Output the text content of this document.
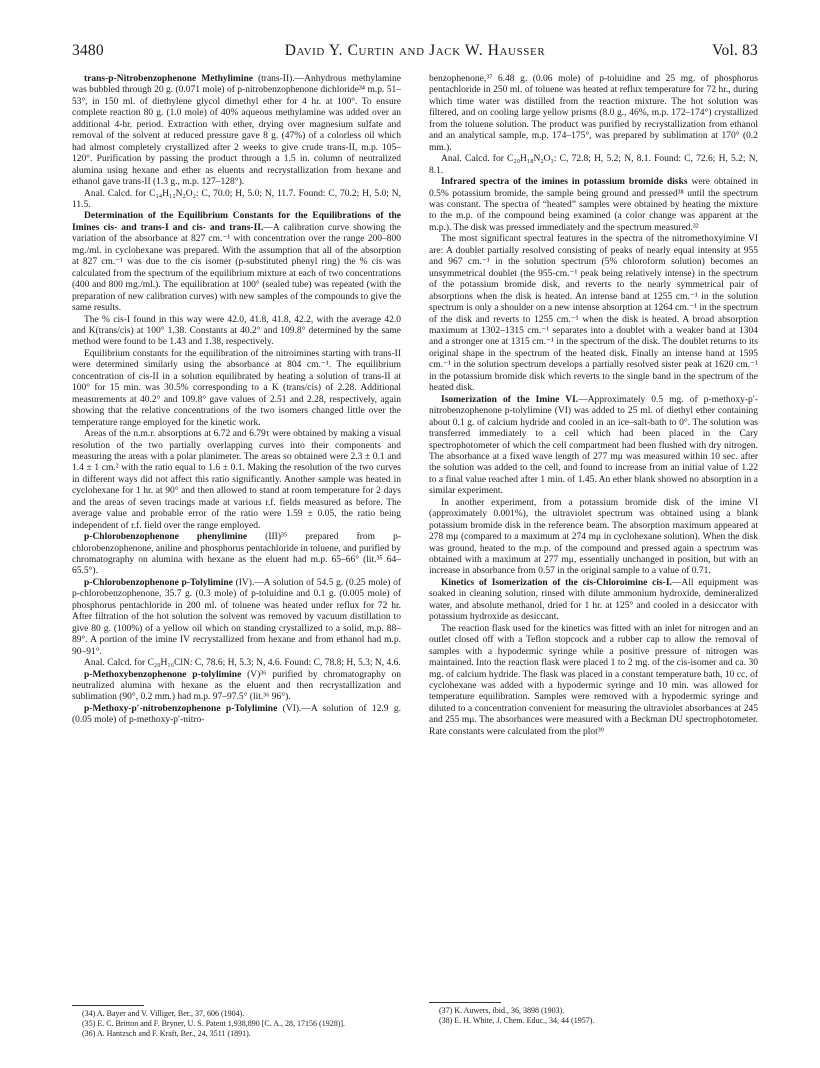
3480	David Y. Curtin and Jack W. Hausser	Vol. 83

trans-p-Nitrobenzophenone Methylimine (trans-II).—Anhydrous methylamine was bubbled through 20 g. (0.071 mole) of p-nitrobenzophenone dichloride³⁴ m.p. 51–53°, in 150 ml. of diethylene glycol dimethyl ether for 4 hr. at 100°. To ensure complete reaction 80 g. (1.0 mole) of 40% aqueous methylamine was added over an additional 4-hr. period. Extraction with ether, drying over magnesium sulfate and removal of the solvent at reduced pressure gave 8 g. (47%) of a colorless oil which had almost completely crystallized after 2 weeks to give crude trans-II, m.p. 105–120°. Purification by passing the product through a 1.5 in. column of neutralized alumina using hexane and ether as eluents and recrystallization from hexane and ethanol gave trans-II (1.3 g., m.p. 127–128°).

Anal. Calcd. for C₁₄H₁₂N₂O₂: C, 70.0; H, 5.0; N, 11.7. Found: C, 70.2; H, 5.0; N, 11.5.

Determination of the Equilibrium Constants for the Equilibrations of the Imines cis- and trans-I and cis- and trans-II.—A calibration curve showing the variation of the absorbance at 827 cm.⁻¹ with concentration over the range 200–800 mg./ml. in cyclohexane was prepared. With the assumption that all of the absorption at 827 cm.⁻¹ was due to the cis isomer (p-substituted phenyl ring) the % cis was calculated from the spectrum of the equilibrium mixture at each of two concentrations (400 and 800 mg./ml.). The equilibration at 100° (sealed tube) was repeated (with the preparation of new calibration curves) with new samples of the compounds to give the same results.

The % cis-I found in this way were 42.0, 41.8, 41.8, 42.2, with the average 42.0 and K(trans/cis) at 100° 1.38. Constants at 40.2° and 109.8° determined by the same method were found to be 1.43 and 1.38, respectively.

Equilibrium constants for the equilibration of the nitroimines starting with trans-II were determined similarly using the absorbance at 804 cm.⁻¹. The equilibrium concentration of cis-II in a solution equilibrated by heating a solution of trans-II at 100° for 15 min. was 30.5% corresponding to a K (trans/cis) of 2.28. Additional measurements at 40.2° and 109.8° gave values of 2.51 and 2.28, respectively, again showing that the relative concentrations of the two isomers changed little over the temperature range employed for the kinetic work.

Areas of the n.m.r. absorptions at 6.72 and 6.79τ were obtained by making a visual resolution of the two partially overlapping curves into their components and measuring the areas with a polar planimeter. The areas so obtained were 2.3 ± 0.1 and 1.4 ± 1 cm.² with the ratio equal to 1.6 ± 0.1. Making the resolution of the two curves in different ways did not affect this ratio significantly. Another sample was heated in cyclohexane for 1 hr. at 90° and then allowed to stand at room temperature for 2 days and the areas of seven tracings made at various r.f. fields measured as before. The average value and probable error of the ratio were 1.59 ± 0.05, the ratio being independent of r.f. field over the range employed.

p-Chlorobenzophenone phenylimine (III)³⁵ prepared from p-chlorobenzophenone, aniline and phosphorus pentachloride in toluene, and purified by chromatography on alumina with hexane as the eluent had m.p. 65–66° (lit.³⁵ 64–65.5°).

p-Chlorobenzophenone p-Tolylimine (IV).—A solution of 54.5 g. (0.25 mole) of p-chlorobenzophenone, 35.7 g. (0.3 mole) of p-toluidine and 0.1 g. (0.005 mole) of phosphorus pentachloride in 200 ml. of toluene was heated under reflux for 72 hr. After filtration of the hot solution the solvent was removed by vacuum distillation to give 80 g. (100%) of a yellow oil which on standing crystallized to a solid, m.p. 88–89°. A portion of the imine IV recrystallized from hexane and from ethanol had m.p. 90–91°.

Anal. Calcd. for C₂₀H₁₆ClN: C, 78.6; H, 5.3; N, 4.6. Found: C, 78.8; H, 5.3; N, 4.6.

p-Methoxybenzophenone p-tolylimine (V)³⁶ purified by chromatography on neutralized alumina with hexane as the eluent and then recrystallization and sublimation (90°, 0.2 mm.) had m.p. 97–97.5° (lit.³⁶ 96°).

p-Methoxy-p′-nitrobenzophenone p-Tolylimine (VI).—A solution of 12.9 g. (0.05 mole) of p-methoxy-p′-nitro-

(34) A. Bayer and V. Villiger, Ber., 37, 606 (1904).

(35) E. C. Britton and F. Bryner, U. S. Patent 1,938,890 [C. A., 28, 17156 (1928)].

(36) A. Hantzsch and F. Kraft, Ber., 24, 3511 (1891).

benzophenone,³⁷ 6.48 g. (0.06 mole) of p-toluidine and 25 mg. of phosphorus pentachloride in 250 ml. of toluene was heated at reflux temperature for 72 hr., during which time water was distilled from the reaction mixture. The hot solution was filtered, and on cooling large yellow prisms (8.0 g., 46%, m.p. 172–174°) crystallized from the toluene solution. The product was purified by recrystallization from ethanol and an analytical sample, m.p. 174–175°, was prepared by sublimation at 170° (0.2 mm.).

Anal. Calcd. for C₂₀H₁₈N₂O₃: C, 72.8; H, 5.2; N, 8.1. Found: C, 72.6; H, 5.2; N, 8.1.

Infrared spectra of the imines in potassium bromide disks were obtained in 0.5% potassium bromide, the sample being ground and pressed³⁸ until the spectrum was constant. The spectra of “heated” samples were obtained by heating the mixture to the m.p. of the compound being examined (a color change was apparent at the m.p.). The disk was pressed immediately and the spectrum measured.³²

The most significant spectral features in the spectra of the nitromethoxyimine VI are: A doublet partially resolved consisting of peaks of nearly equal intensity at 955 and 967 cm.⁻¹ in the solution spectrum (5% chloroform solution) becomes an unsymmetrical doublet (the 955-cm.⁻¹ peak being relatively intense) in the spectrum of the potassium bromide disk, and reverts to the nearly symmetrical pair of absorptions when the disk is heated. An intense band at 1255 cm.⁻¹ in the solution spectrum is only a shoulder on a new intense absorption at 1264 cm.⁻¹ in the spectrum of the disk and reverts to 1255 cm.⁻¹ when the disk is heated. A broad absorption maximum at 1302–1315 cm.⁻¹ separates into a doublet with a weaker band at 1304 and a stronger one at 1315 cm.⁻¹ in the spectrum of the disk. The doublet returns to its original shape in the spectrum of the heated disk. Finally an intense band at 1595 cm.⁻¹ in the solution spectrum develops a partially resolved sister peak at 1620 cm.⁻¹ in the potassium bromide disk which reverts to the single band in the spectrum of the heated disk.

Isomerization of the Imine VI.—Approximately 0.5 mg. of p-methoxy-p′-nitrobenzophenone p-tolylimine (VI) was added to 25 ml. of diethyl ether containing about 0.1 g. of calcium hydride and cooled in an ice–salt-bath to 0°. The solution was transferred immediately to a cell which had been placed in the Cary spectrophotometer of which the cell compartment had been flushed with dry nitrogen. The absorbance at a fixed wave length of 277 mμ was measured within 10 sec. after the solution was added to the cell, and found to increase from an initial value of 1.22 to a final value reached after 1 min. of 1.45. An ether blank showed no absorption in a similar experiment.

In another experiment, from a potassium bromide disk of the imine VI (approximately 0.001%), the ultraviolet spectrum was obtained using a blank potassium bromide disk in the reference beam. The absorption maximum appeared at 278 mμ (compared to a maximum at 274 mμ in cyclohexane solution). When the disk was ground, heated to the m.p. of the compound and pressed again a spectrum was obtained with a maximum at 277 mμ, essentially unchanged in position, but with an increase in absorbance from 0.57 in the original sample to a value of 0.71.

Kinetics of Isomerization of the cis-Chloroimine cis-I.—All equipment was soaked in cleaning solution, rinsed with dilute ammonium hydroxide, demineralized water, and absolute methanol, dried for 1 hr. at 125° and cooled in a desiccator with potassium hydroxide as desiccant.

The reaction flask used for the kinetics was fitted with an inlet for nitrogen and an outlet closed off with a Teflon stopcock and a rubber cap to allow the removal of samples with a hypodermic syringe while a positive pressure of nitrogen was maintained. Into the reaction flask were placed 1 to 2 mg. of the cis-isomer and ca. 30 mg. of calcium hydride. The flask was placed in a constant temperature bath, 10 cc. of cyclohexane was added with a hypodermic syringe and 10 min. was allowed for temperature equilibration. Samples were removed with a hypodermic syringe and diluted to a concentration convenient for measuring the ultraviolet absorbances at 245 and 255 mμ. The absorbances were measured with a Beckman DU spectrophotometer. Rate constants were calculated from the plot³⁹

(37) K. Auwers, ibid., 36, 3898 (1903).

(38) E. H. White, J. Chem. Educ., 34, 44 (1957).
